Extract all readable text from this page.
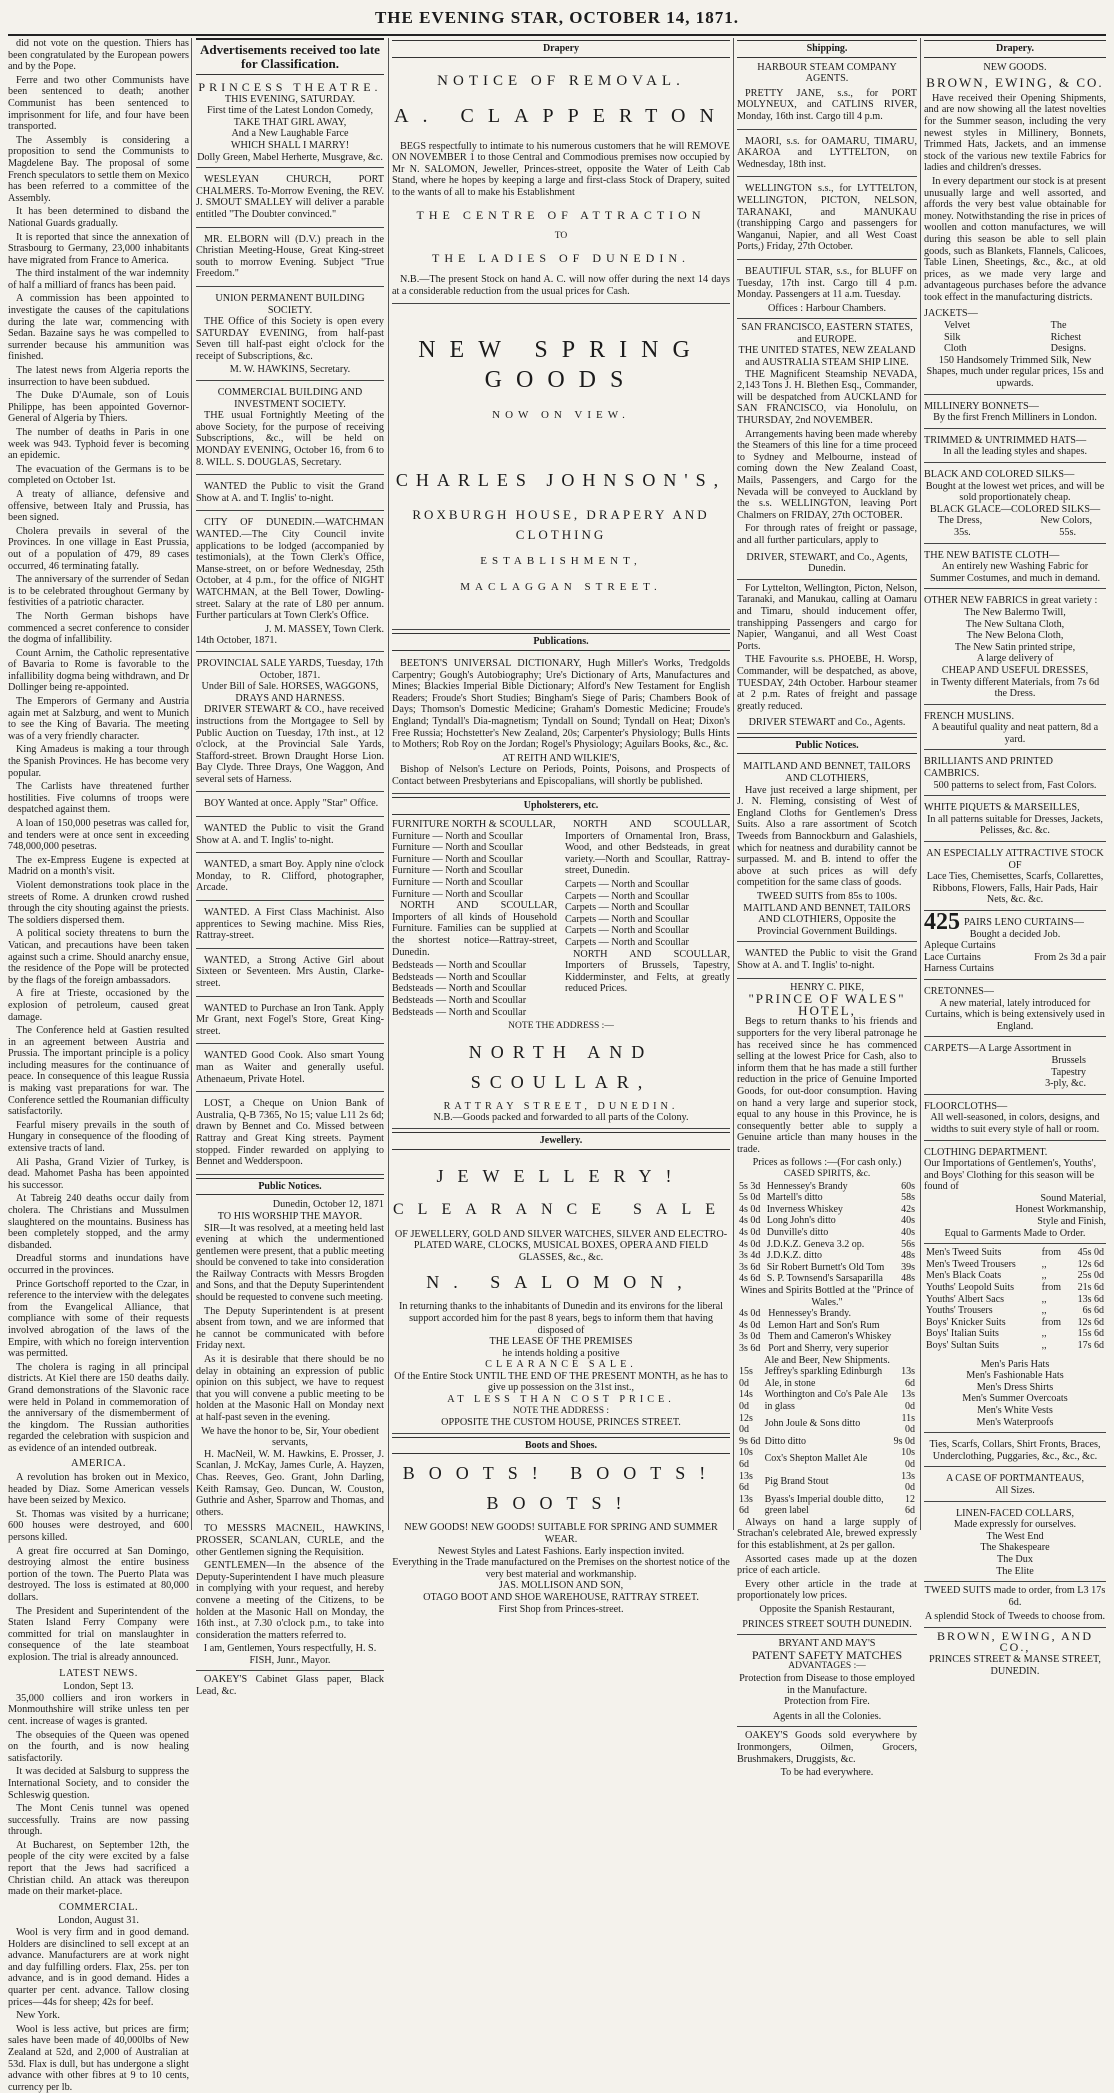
THE EVENING STAR, OCTOBER 14, 1871.

did not vote on the question. Thiers has been congratulated by the European powers and by the Pope.

Ferre and two other Communists have been sentenced to death; another Communist has been sentenced to imprisonment for life, and four have been transported.

The Assembly is considering a proposition to send the Communists to Magdelene Bay. The proposal of some French speculators to settle them on Mexico has been referred to a committee of the Assembly.

It has been determined to disband the National Guards gradually.

It is reported that since the annexation of Strasbourg to Germany, 23,000 inhabitants have migrated from France to America.

The third instalment of the war indemnity of half a milliard of francs has been paid.

A commission has been appointed to investigate the causes of the capitulations during the late war, commencing with Sedan. Bazaine says he was compelled to surrender because his ammunition was finished.

The latest news from Algeria reports the insurrection to have been subdued.

The Duke D'Aumale, son of Louis Philippe, has been appointed Governor-General of Algeria by Thiers.

The number of deaths in Paris in one week was 943. Typhoid fever is becoming an epidemic.

The evacuation of the Germans is to be completed on October 1st.

A treaty of alliance, defensive and offensive, between Italy and Prussia, has been signed.

Cholera prevails in several of the Provinces. In one village in East Prussia, out of a population of 479, 89 cases occurred, 46 terminating fatally.

The anniversary of the surrender of Sedan is to be celebrated throughout Germany by festivities of a patriotic character.

The North German bishops have commenced a secret conference to consider the dogma of infallibility.

Count Arnim, the Catholic representative of Bavaria to Rome is favorable to the infallibility dogma being withdrawn, and Dr Dollinger being re-appointed.

The Emperors of Germany and Austria again met at Salzburg, and went to Munich to see the King of Bavaria. The meeting was of a very friendly character.

King Amadeus is making a tour through the Spanish Provinces. He has become very popular.

The Carlists have threatened further hostilities. Five columns of troops were despatched against them.

A loan of 150,000 pesetras was called for, and tenders were at once sent in exceeding 748,000,000 pesetras.

The ex-Empress Eugene is expected at Madrid on a month's visit.

Violent demonstrations took place in the streets of Rome. A drunken crowd rushed through the city shouting against the priests. The soldiers dispersed them.

A political society threatens to burn the Vatican, and precautions have been taken against such a crime. Should anarchy ensue, the residence of the Pope will be protected by the flags of the foreign ambassadors.

A fire at Trieste, occasioned by the explosion of petroleum, caused great damage.

The Conference held at Gastien resulted in an agreement between Austria and Prussia. The important principle is a policy including measures for the continuance of peace. In consequence of this league Russia is making vast preparations for war. The Conference settled the Roumanian difficulty satisfactorily.

Fearful misery prevails in the south of Hungary in consequence of the flooding of extensive tracts of land.

Ali Pasha, Grand Vizier of Turkey, is dead. Mahomet Pasha has been appointed his successor.

At Tabreig 240 deaths occur daily from cholera. The Christians and Mussulmen slaughtered on the mountains. Business has been completely stopped, and the army disbanded.

Dreadful storms and inundations have occurred in the provinces.

Prince Gortschoff reported to the Czar, in reference to the interview with the delegates from the Evangelical Alliance, that compliance with some of their requests involved abrogation of the laws of the Empire, with which no foreign intervention was permitted.

The cholera is raging in all principal districts. At Kiel there are 150 deaths daily. Grand demonstrations of the Slavonic race were held in Poland in commemoration of the anniversary of the dismemberment of the kingdom. The Russian authorities regarded the celebration with suspicion and as evidence of an intended outbreak.

AMERICA.

A revolution has broken out in Mexico, headed by Diaz. Some American vessels have been seized by Mexico.

St. Thomas was visited by a hurricane; 600 houses were destroyed, and 600 persons killed.

A great fire occurred at San Domingo, destroying almost the entire business portion of the town. The Puerto Plata was destroyed. The loss is estimated at 80,000 dollars.

The President and Superintendent of the Staten Island Ferry Company were committed for trial on manslaughter in consequence of the late steamboat explosion. The trial is already announced.

LATEST NEWS.
London, Sept 13.

35,000 colliers and iron workers in Monmouthshire will strike unless ten per cent. increase of wages is granted.

The obsequies of the Queen was opened on the fourth, and is now healing satisfactorily.

It was decided at Salsburg to suppress the International Society, and to consider the Schleswig question.

The Mont Cenis tunnel was opened successfully. Trains are now passing through.

At Bucharest, on September 12th, the people of the city were excited by a false report that the Jews had sacrificed a Christian child. An attack was thereupon made on their market-place.

COMMERCIAL.
London, August 31.

Wool is very firm and in good demand. Holders are disinclined to sell except at an advance. Manufacturers are at work night and day fulfilling orders. Flax, 25s. per ton advance, and is in good demand. Hides a quarter per cent. advance. Tallow closing prices—44s for sheep; 42s for beef.

New York.

Wool is less active, but prices are firm; sales have been made of 40,000lbs of New Zealand at 52d, and 2,000 of Australian at 53d. Flax is dull, but has undergone a slight advance with other fibres at 9 to 10 cents, currency per lb.

Advertisements received too late for Classification.
PRINCESS THEATRE.
THIS EVENING, SATURDAY.
First time of the Latest London Comedy,
TAKE THAT GIRL AWAY,
And a New Laughable Farce
WHICH SHALL I MARRY!
Dolly Green, Mabel Herherte, Musgrave, &c.

WESLEYAN CHURCH, PORT CHALMERS. To-Morrow Evening, the REV. J. SMOUT SMALLEY will deliver a parable entitled "The Doubter convinced."

MR. ELBORN will (D.V.) preach in the Christian Meeting-House, Great King-street south to morrow Evening. Subject "True Freedom."

UNION PERMANENT BUILDING SOCIETY.

THE Office of this Society is open every SATURDAY EVENING, from half-past Seven till half-past eight o'clock for the receipt of Subscriptions, &c.

M. W. HAWKINS, Secretary.
COMMERCIAL BUILDING AND INVESTMENT SOCIETY.

THE usual Fortnightly Meeting of the above Society, for the purpose of receiving Subscriptions, &c., will be held on MONDAY EVENING, October 16, from 6 to 8. WILL. S. DOUGLAS, Secretary.

WANTED the Public to visit the Grand Show at A. and T. Inglis' to-night.

CITY OF DUNEDIN.—WATCHMAN WANTED.—The City Council invite applications to be lodged (accompanied by testimonials), at the Town Clerk's Office, Manse-street, on or before Wednesday, 25th October, at 4 p.m., for the office of NIGHT WATCHMAN, at the Bell Tower, Dowling-street. Salary at the rate of L80 per annum. Further particulars at Town Clerk's Office.

J. M. MASSEY, Town Clerk.
14th October, 1871.
PROVINCIAL SALE YARDS, Tuesday, 17th October, 1871.
Under Bill of Sale. HORSES, WAGGONS, DRAYS AND HARNESS.

DRIVER STEWART & CO., have received instructions from the Mortgagee to Sell by Public Auction on Tuesday, 17th inst., at 12 o'clock, at the Provincial Sale Yards, Stafford-street. Brown Draught Horse Lion. Bay Clyde. Three Drays, One Waggon, And several sets of Harness.

BOY Wanted at once. Apply "Star" Office.

WANTED the Public to visit the Grand Show at A. and T. Inglis' to-night.

WANTED, a smart Boy. Apply nine o'clock Monday, to R. Clifford, photographer, Arcade.

WANTED. A First Class Machinist. Also apprentices to Sewing machine. Miss Ries, Rattray-street.

WANTED, a Strong Active Girl about Sixteen or Seventeen. Mrs Austin, Clarke-street.

WANTED to Purchase an Iron Tank. Apply Mr Grant, next Fogel's Store, Great King-street.

WANTED Good Cook. Also smart Young man as Waiter and generally useful. Athenaeum, Private Hotel.

LOST, a Cheque on Union Bank of Australia, Q-B 7365, No 15; value L11 2s 6d; drawn by Bennet and Co. Missed between Rattray and Great King streets. Payment stopped. Finder rewarded on applying to Bennet and Wedderspoon.

Public Notices.
Dunedin, October 12, 1871
TO HIS WORSHIP THE MAYOR.

SIR—It was resolved, at a meeting held last evening at which the undermentioned gentlemen were present, that a public meeting should be convened to take into consideration the Railway Contracts with Messrs Brogden and Sons, and that the Deputy Superintendent should be requested to convene such meeting.

The Deputy Superintendent is at present absent from town, and we are informed that he cannot be communicated with before Friday next.

As it is desirable that there should be no delay in obtaining an expression of public opinion on this subject, we have to request that you will convene a public meeting to be holden at the Masonic Hall on Monday next at half-past seven in the evening.

We have the honor to be, Sir, Your obedient servants,

H. MacNeil, W. M. Hawkins, E. Prosser, J. Scanlan, J. McKay, James Curle, A. Hayzen, Chas. Reeves, Geo. Grant, John Darling, Keith Ramsay, Geo. Duncan, W. Couston, Guthrie and Asher, Sparrow and Thomas, and others.

TO MESSRS MACNEIL, HAWKINS, PROSSER, SCANLAN, CURLE, and the other Gentlemen signing the Requisition.

GENTLEMEN—In the absence of the Deputy-Superintendent I have much pleasure in complying with your request, and hereby convene a meeting of the Citizens, to be holden at the Masonic Hall on Monday, the 16th inst., at 7.30 o'clock p.m., to take into consideration the matters referred to.

I am, Gentlemen, Yours respectfully, H. S. FISH, Junr., Mayor.

OAKEY'S Cabinet Glass paper, Black Lead, &c.

Drapery
NOTICE OF REMOVAL.
A. CLAPPERTON

BEGS respectfully to intimate to his numerous customers that he will REMOVE ON NOVEMBER 1 to those Central and Commodious premises now occupied by Mr N. SALOMON, Jeweller, Princes-street, opposite the Water of Leith Cab Stand, where he hopes by keeping a large and first-class Stock of Drapery, suited to the wants of all to make his Establishment

THE CENTRE OF ATTRACTION
TO
THE LADIES OF DUNEDIN.

N.B.—The present Stock on hand A. C. will now offer during the next 14 days at a considerable reduction from the usual prices for Cash.

NEW SPRING GOODS
NOW ON VIEW.
CHARLES JOHNSON'S,
ROXBURGH HOUSE, DRAPERY AND CLOTHING
ESTABLISHMENT,
MACLAGGAN STREET.
Publications.

BEETON'S UNIVERSAL DICTIONARY, Hugh Miller's Works, Tredgolds Carpentry; Gough's Autobiography; Ure's Dictionary of Arts, Manufactures and Mines; Blackies Imperial Bible Dictionary; Alford's New Testament for English Readers; Froude's Short Studies; Bingham's Siege of Paris; Chambers Book of Days; Thomson's Domestic Medicine; Graham's Domestic Medicine; Froude's England; Tyndall's Dia-magnetism; Tyndall on Sound; Tyndall on Heat; Dixon's Free Russia; Hochstetter's New Zealand, 20s; Carpenter's Physiology; Bulls Hints to Mothers; Rob Roy on the Jordan; Rogel's Physiology; Aguilars Books, &c., &c.

AT REITH AND WILKIE'S,

Bishop of Nelson's Lecture on Periods, Points, Poisons, and Prospects of Contact between Presbyterians and Episcopalians, will shortly be published.

Upholsterers, etc.
FURNITURE NORTH & SCOULLAR,
Furniture — North and Scoullar
Furniture — North and Scoullar
Furniture — North and Scoullar
Furniture — North and Scoullar
Furniture — North and Scoullar
Furniture — North and Scoullar

NORTH AND SCOULLAR, Importers of all kinds of Household Furniture. Families can be supplied at the shortest notice—Rattray-street, Dunedin.

Bedsteads — North and Scoullar
Bedsteads — North and Scoullar
Bedsteads — North and Scoullar
Bedsteads — North and Scoullar
Bedsteads — North and Scoullar

NORTH AND SCOULLAR, Importers of Ornamental Iron, Brass, Wood, and other Bedsteads, in great variety.—North and Scoullar, Rattray-street, Dunedin.

Carpets — North and Scoullar
Carpets — North and Scoullar
Carpets — North and Scoullar
Carpets — North and Scoullar
Carpets — North and Scoullar
Carpets — North and Scoullar

NORTH AND SCOULLAR, Importers of Brussels, Tapestry, Kidderminster, and Felts, at greatly reduced Prices.

NOTE THE ADDRESS :—
NORTH AND SCOULLAR,
RATTRAY STREET, DUNEDIN.
N.B.—Goods packed and forwarded to all parts of the Colony.
Jewellery.
JEWELLERY!
CLEARANCE SALE
OF JEWELLERY, GOLD AND SILVER WATCHES, SILVER AND ELECTRO-PLATED WARE, CLOCKS, MUSICAL BOXES, OPERA AND FIELD GLASSES, &c., &c.
N. SALOMON,
In returning thanks to the inhabitants of Dunedin and its environs for the liberal support accorded him for the past 8 years, begs to inform them that having disposed of
THE LEASE OF THE PREMISES
he intends holding a positive
CLEARANCE SALE.
Of the Entire Stock UNTIL THE END OF THE PRESENT MONTH, as he has to give up possession on the 31st inst.,
AT LESS THAN COST PRICE.
NOTE THE ADDRESS :
OPPOSITE THE CUSTOM HOUSE, PRINCES STREET.
Boots and Shoes.
BOOTS! BOOTS! BOOTS!
NEW GOODS! NEW GOODS! SUITABLE FOR SPRING AND SUMMER WEAR.
Newest Styles and Latest Fashions. Early inspection invited.
Everything in the Trade manufactured on the Premises on the shortest notice of the very best material and workmanship.
JAS. MOLLISON AND SON,
OTAGO BOOT AND SHOE WAREHOUSE, RATTRAY STREET.
First Shop from Princes-street.
Shipping.
HARBOUR STEAM COMPANY AGENTS.

PRETTY JANE, s.s., for PORT MOLYNEUX, and CATLINS RIVER, Monday, 16th inst. Cargo till 4 p.m.

MAORI, s.s. for OAMARU, TIMARU, AKAROA and LYTTELTON, on Wednesday, 18th inst.

WELLINGTON s.s., for LYTTELTON, WELLINGTON, PICTON, NELSON, TARANAKI, and MANUKAU (transhipping Cargo and passengers for Wanganui, Napier, and all West Coast Ports,) Friday, 27th October.

BEAUTIFUL STAR, s.s., for BLUFF on Tuesday, 17th inst. Cargo till 4 p.m. Monday. Passengers at 11 a.m. Tuesday.

Offices : Harbour Chambers.
SAN FRANCISCO, EASTERN STATES, and EUROPE.
THE UNITED STATES, NEW ZEALAND and AUSTRALIA STEAM SHIP LINE.

THE Magnificent Steamship NEVADA, 2,143 Tons J. H. Blethen Esq., Commander, will be despatched from AUCKLAND for SAN FRANCISCO, via Honolulu, on THURSDAY, 2nd NOVEMBER.

Arrangements having been made whereby the Steamers of this line for a time proceed to Sydney and Melbourne, instead of coming down the New Zealand Coast, Mails, Passengers, and Cargo for the Nevada will be conveyed to Auckland by the s.s. WELLINGTON, leaving Port Chalmers on FRIDAY, 27th OCTOBER.

For through rates of freight or passage, and all further particulars, apply to

DRIVER, STEWART, and Co., Agents, Dunedin.

For Lyttelton, Wellington, Picton, Nelson, Taranaki, and Manukau, calling at Oamaru and Timaru, should inducement offer, transhipping Passengers and cargo for Napier, Wanganui, and all West Coast Ports.

THE Favourite s.s. PHOEBE, H. Worsp, Commander, will be despatched, as above, TUESDAY, 24th October. Harbour steamer at 2 p.m. Rates of freight and passage greatly reduced.

DRIVER STEWART and Co., Agents.
Public Notices.
MAITLAND AND BENNET, TAILORS AND CLOTHIERS,

Have just received a large shipment, per J. N. Fleming, consisting of West of England Cloths for Gentlemen's Dress Suits. Also a rare assortment of Scotch Tweeds from Bannockburn and Galashiels, which for neatness and durability cannot be surpassed. M. and B. intend to offer the above at such prices as will defy competition for the same class of goods.

TWEED SUITS from 85s to 100s.
MAITLAND AND BENNET, TAILORS AND CLOTHIERS, Opposite the Provincial Government Buildings.

WANTED the Public to visit the Grand Show at A. and T. Inglis' to-night.

HENRY C. PIKE,
"PRINCE OF WALES" HOTEL,

Begs to return thanks to his friends and supporters for the very liberal patronage he has received since he has commenced selling at the lowest Price for Cash, also to inform them that he has made a still further reduction in the price of Genuine Imported Goods, for out-door consumption. Having on hand a very large and superior stock, equal to any house in this Province, he is consequently better able to supply a Genuine article than many houses in the trade.

Prices as follows :—(For cash only.)
CASED SPIRITS, &c.
5s 3d	Hennessey's Brandy	60s
5s 0d	Martell's ditto	58s
4s 0d	Inverness Whiskey	42s
4s 0d	Long John's ditto	40s
4s 0d	Dunville's ditto	40s
4s 0d	J.D.K.Z. Geneva 3.2 op.	56s
3s 4d	J.D.K.Z. ditto	48s
3s 6d	Sir Robert Burnett's Old Tom	39s
4s 6d	S. P. Townsend's Sarsaparilla	48s
Wines and Spirits Bottled at the "Prince of Wales."
4s 0d	Hennessey's Brandy.	
4s 0d	Lemon Hart and Son's Rum	
3s 0d	Them and Cameron's Whiskey	
3s 6d	Port and Sherry, very superior	
Ale and Beer, New Shipments.
15s 0d	Jeffrey's sparkling Edinburgh Ale, in stone	13s 6d
14s 0d	Worthington and Co's Pale Ale in glass	13s 0d
12s 0d	John Joule & Sons ditto	11s 0d
9s 6d	Ditto ditto	9s 0d
10s 6d	Cox's Shepton Mallet Ale	10s 0d
13s 6d	Pig Brand Stout	13s 0d
13s 6d	Byass's Imperial double ditto, green label	12 6d

Always on hand a large supply of Strachan's celebrated Ale, brewed expressly for this establishment, at 2s per gallon.

Assorted cases made up at the dozen price of each article.

Every other article in the trade at proportionately low prices.

Opposite the Spanish Restaurant,
PRINCES STREET SOUTH DUNEDIN.
BRYANT AND MAY'S
PATENT SAFETY MATCHES
ADVANTAGES :—
Protection from Disease to those employed in the Manufacture.
Protection from Fire.
Agents in all the Colonies.

OAKEY'S Goods sold everywhere by Ironmongers, Oilmen, Grocers, Brushmakers, Druggists, &c.

To be had everywhere.
Drapery.
NEW GOODS.
BROWN, EWING, & CO.

Have received their Opening Shipments, and are now showing all the latest novelties for the Summer season, including the very newest styles in Millinery, Bonnets, Trimmed Hats, Jackets, and an immense stock of the various new textile Fabrics for ladies and children's dresses.

In every department our stock is at present unusually large and well assorted, and affords the very best value obtainable for money. Notwithstanding the rise in prices of woollen and cotton manufactures, we will during this season be able to sell plain goods, such as Blankets, Flannels, Calicoes, Table Linen, Sheetings, &c., &c., at old prices, as we made very large and advantageous purchases before the advance took effect in the manufacturing districts.

JACKETS—
Velvet
Silk
Cloth
The
Richest
Designs.
150 Handsomely Trimmed Silk, New Shapes, much under regular prices, 15s and upwards.
MILLINERY BONNETS—
By the first French Milliners in London.
TRIMMED & UNTRIMMED HATS—
In all the leading styles and shapes.
BLACK AND COLORED SILKS—
Bought at the lowest wet prices, and will be sold proportionately cheap.
BLACK GLACE—COLORED SILKS—
The Dress,	New Colors,
35s.	55s.
THE NEW BATISTE CLOTH—
An entirely new Washing Fabric for Summer Costumes, and much in demand.
OTHER NEW FABRICS in great variety :
The New Balermo Twill,
The New Sultana Cloth,
The New Belona Cloth,
The New Satin printed stripe,
A large delivery of
CHEAP AND USEFUL DRESSES,
in Twenty different Materials, from 7s 6d the Dress.
FRENCH MUSLINS.
A beautiful quality and neat pattern, 8d a yard.
BRILLIANTS AND PRINTED CAMBRICS.
500 patterns to select from, Fast Colors.
WHITE PIQUETS & MARSEILLES,
In all patterns suitable for Dresses, Jackets, Pelisses, &c. &c.
AN ESPECIALLY ATTRACTIVE STOCK OF
Lace Ties, Chemisettes, Scarfs, Collarettes, Ribbons, Flowers, Falls, Hair Pads, Hair Nets, &c. &c.
425 PAIRS LENO CURTAINS—
Bought a decided Job.
Apleque Curtains
Lace Curtains
Harness Curtains
From 2s 3d a pair
CRETONNES—
A new material, lately introduced for Curtains, which is being extensively used in England.
CARPETS—A Large Assortment in
Brussels
Tapestry
3-ply, &c.
FLOORCLOTHS—
All well-seasoned, in colors, designs, and widths to suit every style of hall or room.
CLOTHING DEPARTMENT.
Our Importations of Gentlemen's, Youths', and Boys' Clothing for this season will be found of
Sound Material,
Honest Workmanship,
Style and Finish,
Equal to Garments Made to Order.
Men's Tweed Suits	from	45s 0d
Men's Tweed Trousers	,,	12s 6d
Men's Black Coats	,,	25s 0d
Youths' Leopold Suits	from	21s 6d
Youths' Albert Sacs	,,	13s 6d
Youths' Trousers	,,	6s 6d
Boys' Knicker Suits	from	12s 6d
Boys' Italian Suits	,,	15s 6d
Boys' Sultan Suits	,,	17s 6d
Men's Paris Hats
Men's Fashionable Hats
Men's Dress Shirts
Men's Summer Overcoats
Men's White Vests
Men's Waterproofs
Ties, Scarfs, Collars, Shirt Fronts, Braces, Underclothing, Puggaries, &c., &c., &c.
A CASE OF PORTMANTEAUS,
All Sizes.
LINEN-FACED COLLARS,
Made expressly for ourselves.
The West End
The Shakespeare
The Dux
The Elite
TWEED SUITS made to order, from L3 17s 6d.
A splendid Stock of Tweeds to choose from.
BROWN, EWING, AND CO.,
PRINCES STREET & MANSE STREET,
DUNEDIN.
